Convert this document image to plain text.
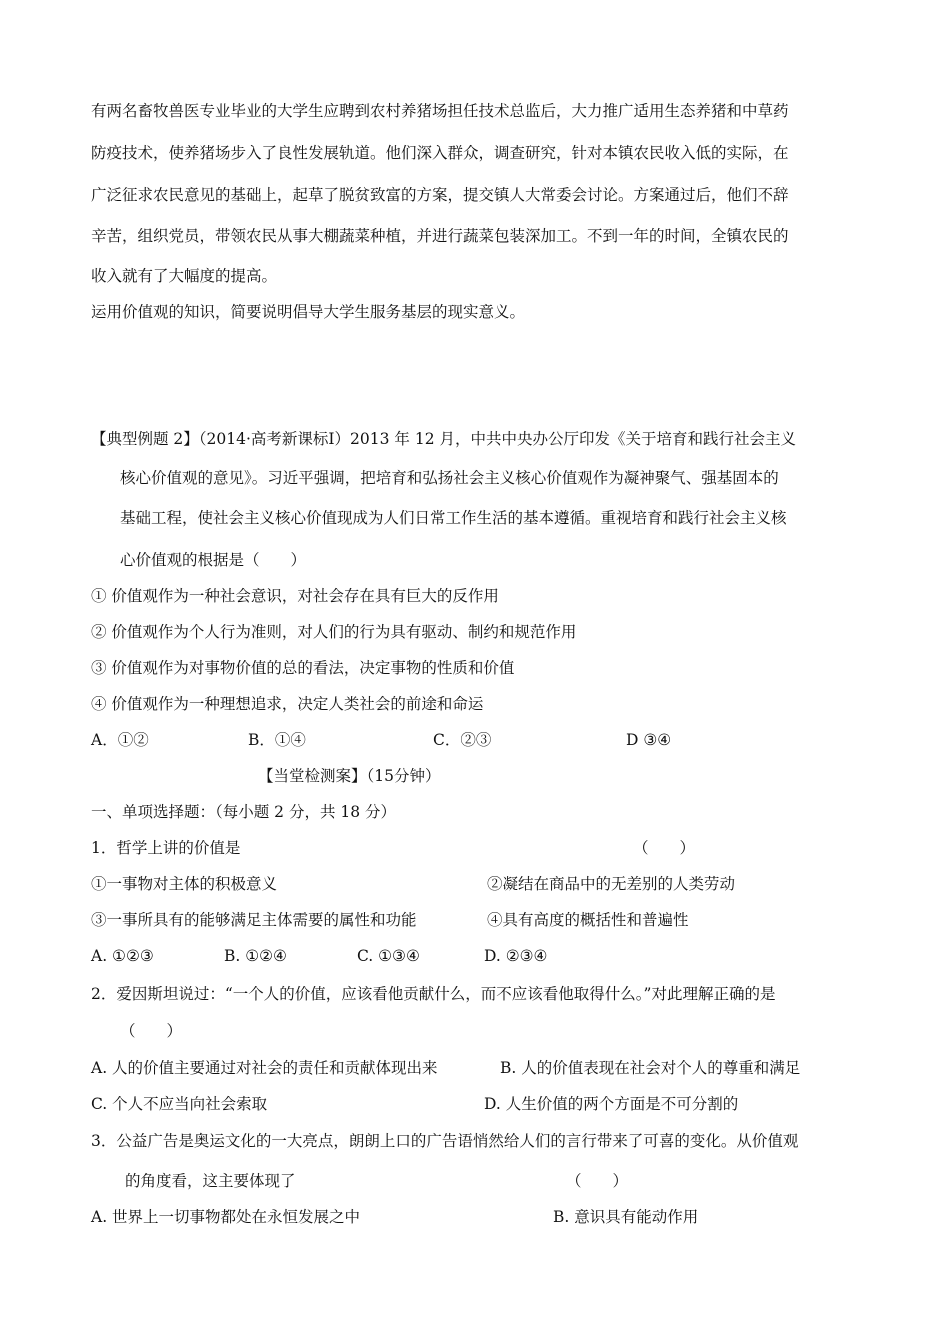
有两名畜牧兽医专业毕业的大学生应聘到农村养猪场担任技术总监后，大力推广适用生态养猪和中草药
防疫技术，使养猪场步入了良性发展轨道。他们深入群众，调查研究，针对本镇农民收入低的实际，在
广泛征求农民意见的基础上，起草了脱贫致富的方案，提交镇人大常委会讨论。方案通过后，他们不辞
辛苦，组织党员，带领农民从事大棚蔬菜种植，并进行蔬菜包装深加工。不到一年的时间，全镇农民的
收入就有了大幅度的提高。
运用价值观的知识，简要说明倡导大学生服务基层的现实意义。
【典型例题 2】（2014·高考新课标Ⅰ）2013 年 12 月，中共中央办公厅印发《关于培育和践行社会主义
核心价值观的意见》。习近平强调，把培育和弘扬社会主义核心价值观作为凝神聚气、强基固本的
基础工程，使社会主义核心价值现成为人们日常工作生活的基本遵循。重视培育和践行社会主义核
心价值观的根据是（　　）
① 价值观作为一种社会意识，对社会存在具有巨大的反作用
② 价值观作为个人行为准则，对人们的行为具有驱动、制约和规范作用
③ 价值观作为对事物价值的总的看法，决定事物的性质和价值
④ 价值观作为一种理想追求，决定人类社会的前途和命运
A．①②	B．①④	C．②③	D ③④
【当堂检测案】（15分钟）
一、单项选择题：（每小题 2 分，共 18 分）
1．哲学上讲的价值是	（　　）
①一事物对主体的积极意义	②凝结在商品中的无差别的人类劳动
③一事所具有的能够满足主体需要的属性和功能	④具有高度的概括性和普遍性
A. ①②③	B. ①②④	C. ①③④	D. ②③④
2．爱因斯坦说过：“一个人的价值，应该看他贡献什么，而不应该看他取得什么。”对此理解正确的是
（　　）
A. 人的价值主要通过对社会的责任和贡献体现出来	B. 人的价值表现在社会对个人的尊重和满足
C. 个人不应当向社会索取	D. 人生价值的两个方面是不可分割的
3．公益广告是奥运文化的一大亮点，朗朗上口的广告语悄然给人们的言行带来了可喜的变化。从价值观
的角度看，这主要体现了	（　　）
A. 世界上一切事物都处在永恒发展之中	B. 意识具有能动作用
